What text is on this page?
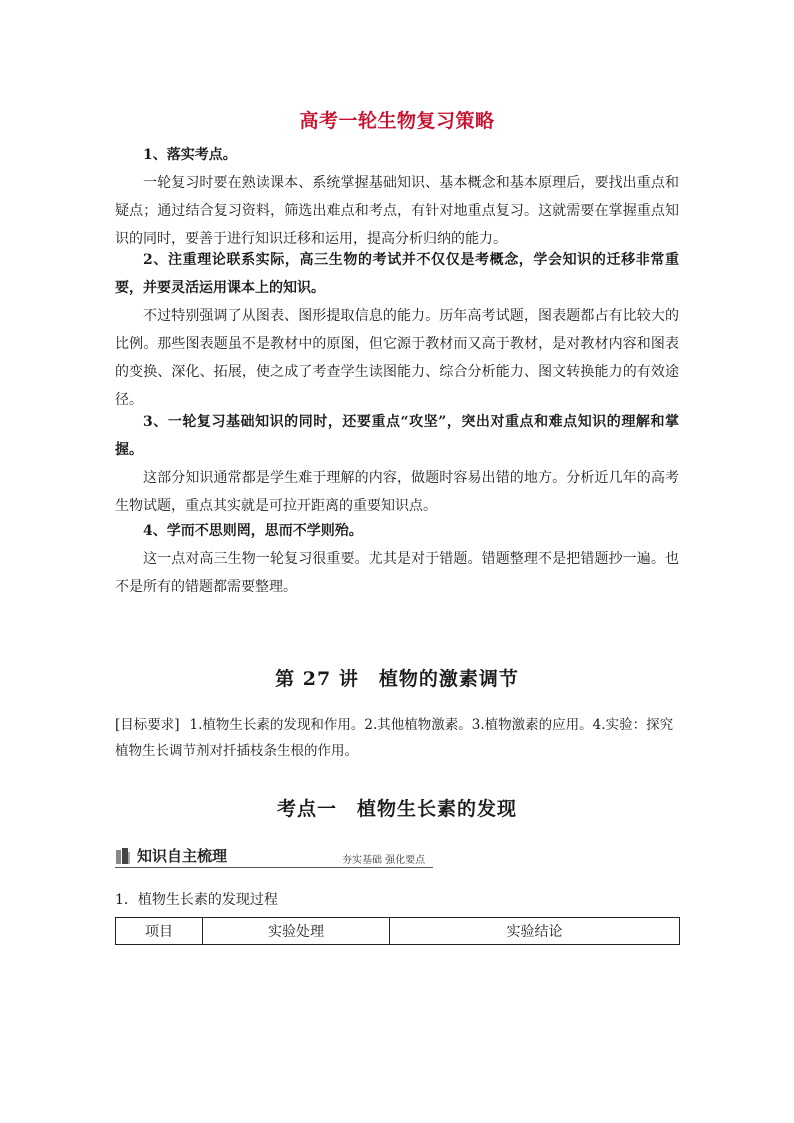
高考一轮生物复习策略

1、落实考点。

一轮复习时要在熟读课本、系统掌握基础知识、基本概念和基本原理后，要找出重点和疑点；通过结合复习资料，筛选出难点和考点，有针对地重点复习。这就需要在掌握重点知识的同时，要善于进行知识迁移和运用，提高分析归纳的能力。

2、注重理论联系实际，高三生物的考试并不仅仅是考概念，学会知识的迁移非常重要，并要灵活运用课本上的知识。

不过特别强调了从图表、图形提取信息的能力。历年高考试题，图表题都占有比较大的比例。那些图表题虽不是教材中的原图，但它源于教材而又高于教材，是对教材内容和图表的变换、深化、拓展，使之成了考查学生读图能力、综合分析能力、图文转换能力的有效途径。

3、一轮复习基础知识的同时，还要重点“攻坚”，突出对重点和难点知识的理解和掌握。

这部分知识通常都是学生难于理解的内容，做题时容易出错的地方。分析近几年的高考生物试题，重点其实就是可拉开距离的重要知识点。

4、学而不思则罔，思而不学则殆。

这一点对高三生物一轮复习很重要。尤其是对于错题。错题整理不是把错题抄一遍。也不是所有的错题都需要整理。

第 27 讲　植物的激素调节
[目标要求] 1.植物生长素的发现和作用。2.其他植物激素。3.植物激素的应用。4.实验：探究植物生长调节剂对扦插枝条生根的作用。
考点一　植物生长素的发现
知识自主梳理	夯实基础 强化要点
1．植物生长素的发现过程
项目	实验处理	实验结论
